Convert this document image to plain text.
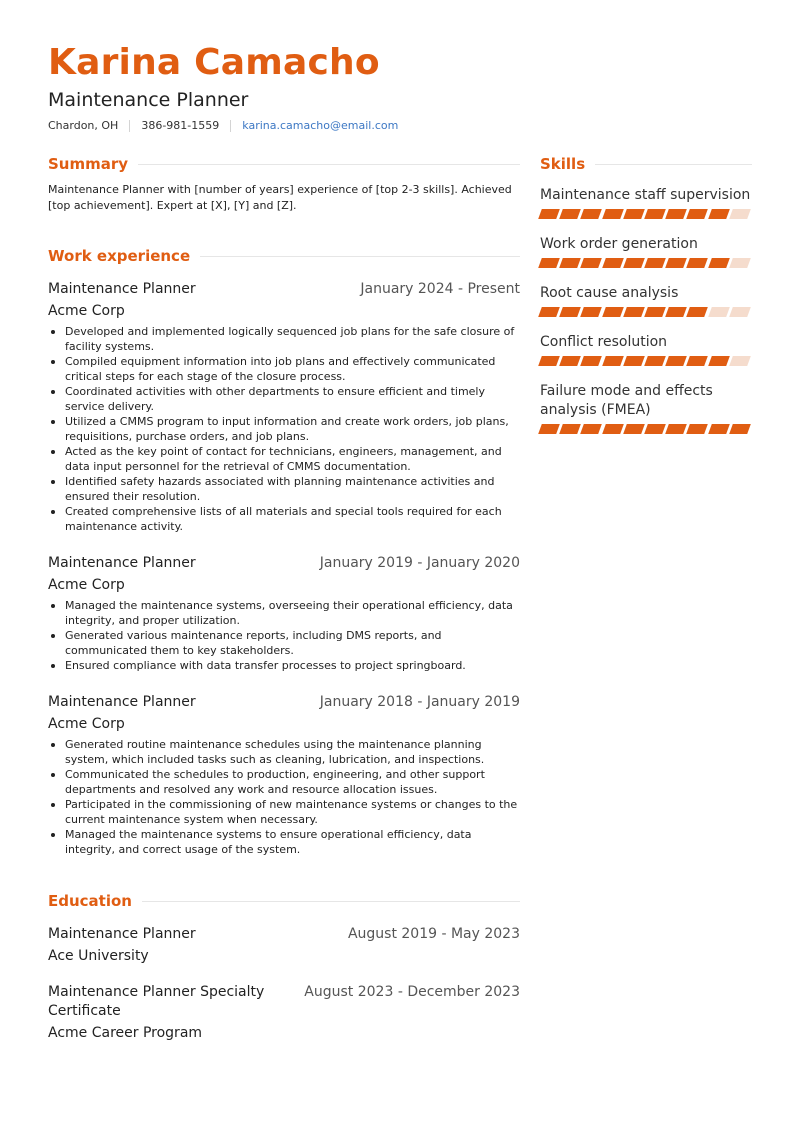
Karina Camacho
Maintenance Planner
Chardon, OH 386-981-1559 karina.camacho@email.com
Summary

Maintenance Planner with [number of years] experience of [top 2-3 skills]. Achieved [top achievement]. Expert at [X], [Y] and [Z].

Work experience
Maintenance Planner	January 2024 - Present
Acme Corp
Developed and implemented logically sequenced job plans for the safe closure of facility systems.
Compiled equipment information into job plans and effectively communicated critical steps for each stage of the closure process.
Coordinated activities with other departments to ensure efficient and timely service delivery.
Utilized a CMMS program to input information and create work orders, job plans, requisitions, purchase orders, and job plans.
Acted as the key point of contact for technicians, engineers, management, and data input personnel for the retrieval of CMMS documentation.
Identified safety hazards associated with planning maintenance activities and ensured their resolution.
Created comprehensive lists of all materials and special tools required for each maintenance activity.
Maintenance Planner	January 2019 - January 2020
Acme Corp
Managed the maintenance systems, overseeing their operational efficiency, data integrity, and proper utilization.
Generated various maintenance reports, including DMS reports, and communicated them to key stakeholders.
Ensured compliance with data transfer processes to project springboard.
Maintenance Planner	January 2018 - January 2019
Acme Corp
Generated routine maintenance schedules using the maintenance planning system, which included tasks such as cleaning, lubrication, and inspections.
Communicated the schedules to production, engineering, and other support departments and resolved any work and resource allocation issues.
Participated in the commissioning of new maintenance systems or changes to the current maintenance system when necessary.
Managed the maintenance systems to ensure operational efficiency, data integrity, and correct usage of the system.
Education
Maintenance Planner	August 2019 - May 2023
Ace University
Maintenance Planner Specialty Certificate
August 2023 - December 2023
Acme Career Program
Skills
Maintenance staff supervision
Work order generation
Root cause analysis
Conflict resolution
Failure mode and effects analysis (FMEA)
